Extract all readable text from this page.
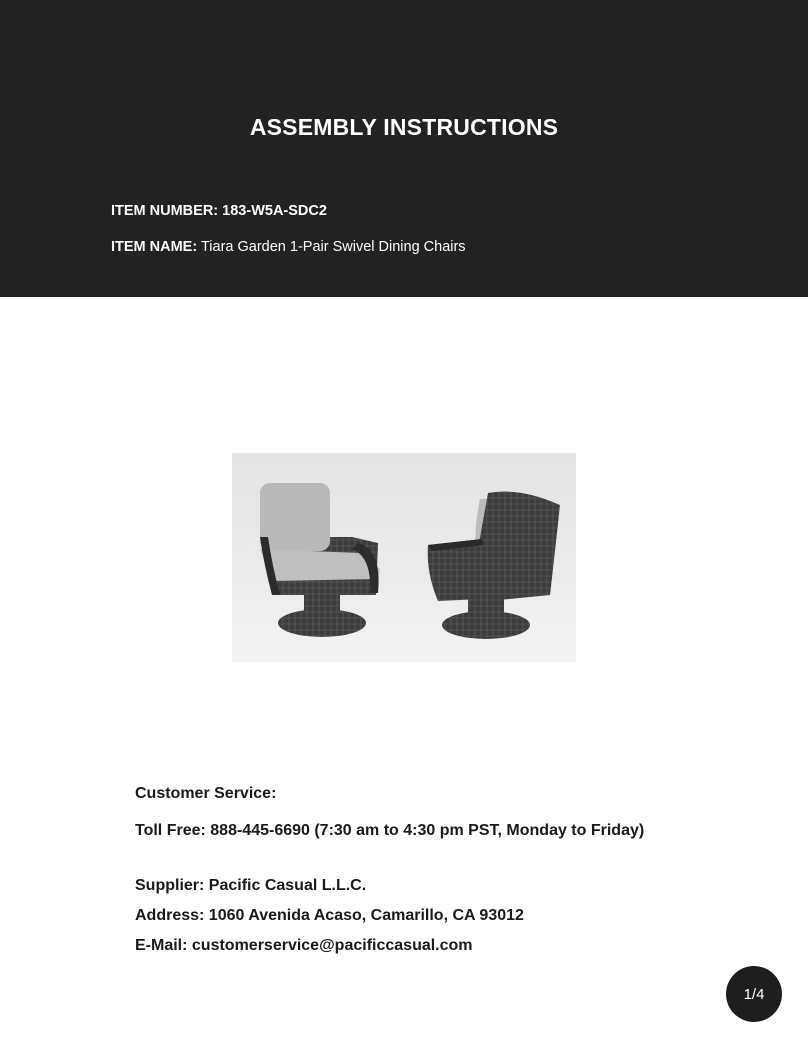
ASSEMBLY INSTRUCTIONS
ITEM NUMBER: 183-W5A-SDC2
ITEM NAME: Tiara Garden 1-Pair Swivel Dining Chairs
Customer Service:
Toll Free: 888-445-6690 (7:30 am to 4:30 pm PST, Monday to Friday)
Supplier: Pacific Casual L.L.C.
Address: 1060 Avenida Acaso, Camarillo, CA 93012
E-Mail: customerservice@pacificcasual.com
1/4
